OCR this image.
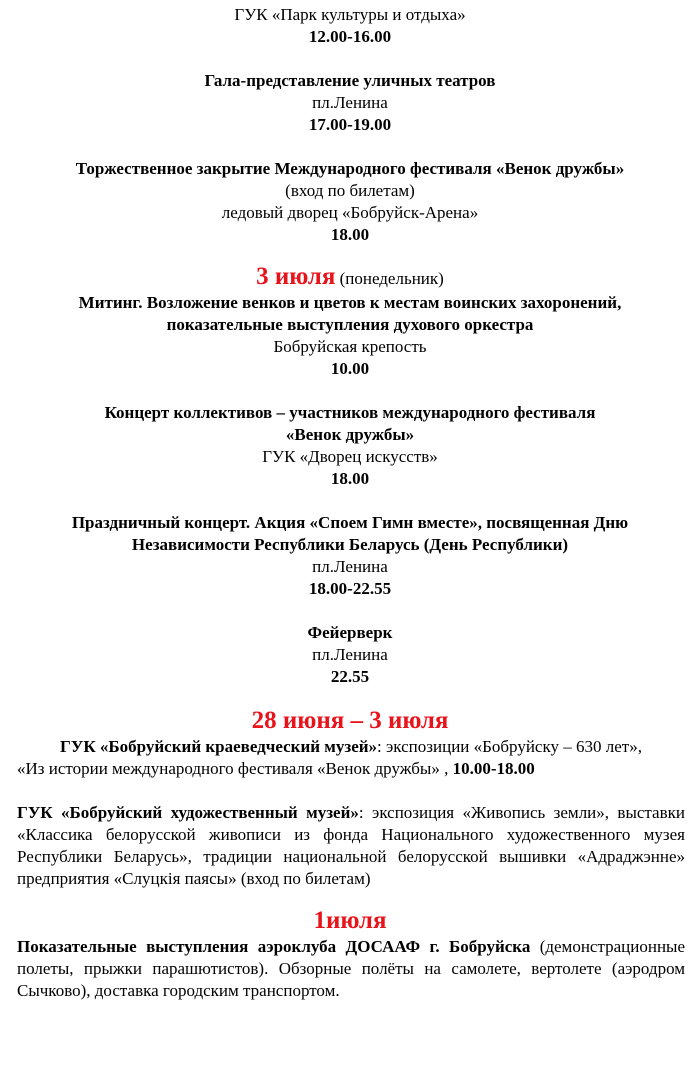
ГУК «Парк культуры и отдыха»

12.00-16.00

Гала-представление уличных театров

пл.Ленина

17.00-19.00

Торжественное закрытие Международного фестиваля «Венок дружбы»

(вход по билетам)

ледовый дворец «Бобруйск-Арена»

18.00

3 июля (понедельник)

Митинг. Возложение венков и цветов к местам воинских захоронений,

показательные выступления духового оркестра

Бобруйская крепость

10.00

Концерт коллективов – участников международного фестиваля

«Венок дружбы»

ГУК «Дворец искусств»

18.00

Праздничный концерт. Акция «Споем Гимн вместе», посвященная Дню

Независимости Республики Беларусь (День Республики)

пл.Ленина

18.00-22.55

Фейерверк

пл.Ленина

22.55

28 июня – 3 июля

ГУК «Бобруйский краеведческий музей»: экспозиции «Бобруйску – 630 лет»,

«Из истории международного фестиваля «Венок дружбы» , 10.00-18.00

ГУК «Бобруйский художественный музей»: экспозиция «Живопись земли», выставки «Классика белорусской живописи из фонда Национального художественного музея Республики Беларусь», традиции национальной белорусской вышивки «Адраджэнне» предприятия «Слуцкія паясы» (вход по билетам)

1июля

Показательные выступления аэроклуба ДОСААФ г. Бобруйска (демонстрационные полеты, прыжки парашютистов). Обзорные полёты на самолете, вертолете (аэродром Сычково), доставка городским транспортом.
